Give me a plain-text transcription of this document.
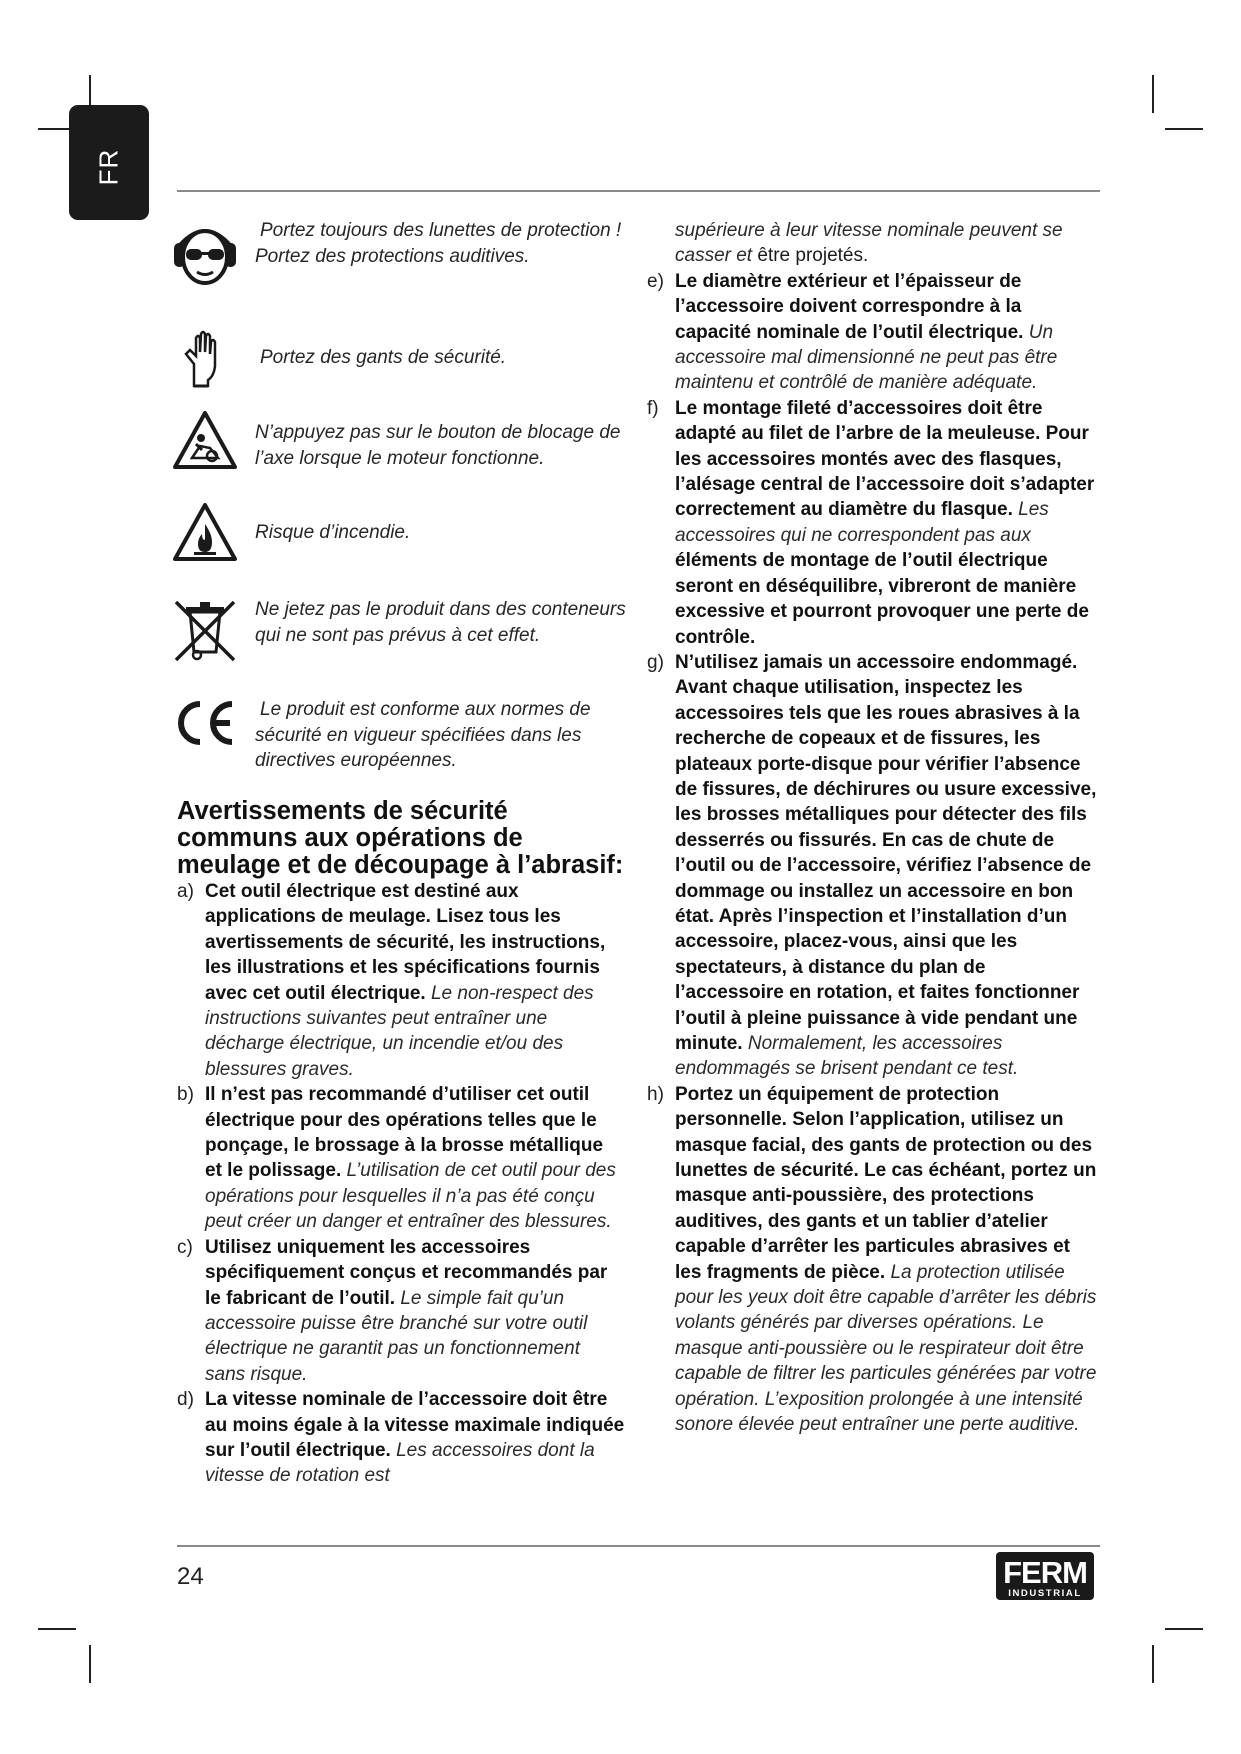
FR
Portez toujours des lunettes de protection !
Portez des protections auditives.
Portez des gants de sécurité.
N’appuyez pas sur le bouton de blocage de l’axe lorsque le moteur fonctionne.
Risque d’incendie.
Ne jetez pas le produit dans des conteneurs qui ne sont pas prévus à cet effet.
Le produit est conforme aux normes de sécurité en vigueur spécifiées dans les directives européennes.

Avertissements de sécurité communs aux opérations de meulage et de découpage à l’abrasif:

a) Cet outil électrique est destiné aux applications de meulage. Lisez tous les avertissements de sécurité, les instructions, les illustrations et les spécifications fournis avec cet outil électrique. Le non-respect des instructions suivantes peut entraîner une décharge électrique, un incendie et/ou des blessures graves.
b) Il n’est pas recommandé d’utiliser cet outil électrique pour des opérations telles que le ponçage, le brossage à la brosse métallique et le polissage. L’utilisation de cet outil pour des opérations pour lesquelles il n’a pas été conçu peut créer un danger et entraîner des blessures.
c) Utilisez uniquement les accessoires spécifiquement conçus et recommandés par le fabricant de l’outil. Le simple fait qu’un accessoire puisse être branché sur votre outil électrique ne garantit pas un fonctionnement sans risque.
d) La vitesse nominale de l’accessoire doit être au moins égale à la vitesse maximale indiquée sur l’outil électrique. Les accessoires dont la vitesse de rotation est
supérieure à leur vitesse nominale peuvent se casser et être projetés.
e) Le diamètre extérieur et l’épaisseur de l’accessoire doivent correspondre à la capacité nominale de l’outil électrique. Un accessoire mal dimensionné ne peut pas être maintenu et contrôlé de manière adéquate.
f) Le montage fileté d’accessoires doit être adapté au filet de l’arbre de la meuleuse. Pour les accessoires montés avec des flasques, l’alésage central de l’accessoire doit s’adapter correctement au diamètre du flasque. Les accessoires qui ne correspondent pas aux éléments de montage de l’outil électrique seront en déséquilibre, vibreront de manière excessive et pourront provoquer une perte de contrôle.
g) N’utilisez jamais un accessoire endommagé. Avant chaque utilisation, inspectez les accessoires tels que les roues abrasives à la recherche de copeaux et de fissures, les plateaux porte-disque pour vérifier l’absence de fissures, de déchirures ou usure excessive, les brosses métalliques pour détecter des fils desserrés ou fissurés. En cas de chute de l’outil ou de l’accessoire, vérifiez l’absence de dommage ou installez un accessoire en bon état. Après l’inspection et l’installation d’un accessoire, placez-vous, ainsi que les spectateurs, à distance du plan de l’accessoire en rotation, et faites fonctionner l’outil à pleine puissance à vide pendant une minute. Normalement, les accessoires endommagés se brisent pendant ce test.
h) Portez un équipement de protection personnelle. Selon l’application, utilisez un masque facial, des gants de protection ou des lunettes de sécurité. Le cas échéant, portez un masque anti-poussière, des protections auditives, des gants et un tablier d’atelier capable d’arrêter les particules abrasives et les fragments de pièce. La protection utilisée pour les yeux doit être capable d’arrêter les débris volants générés par diverses opérations. Le masque anti-poussière ou le respirateur doit être capable de filtrer les particules générées par votre opération. L’exposition prolongée à une intensité sonore élevée peut entraîner une perte auditive.
24	FERM
INDUSTRIAL
